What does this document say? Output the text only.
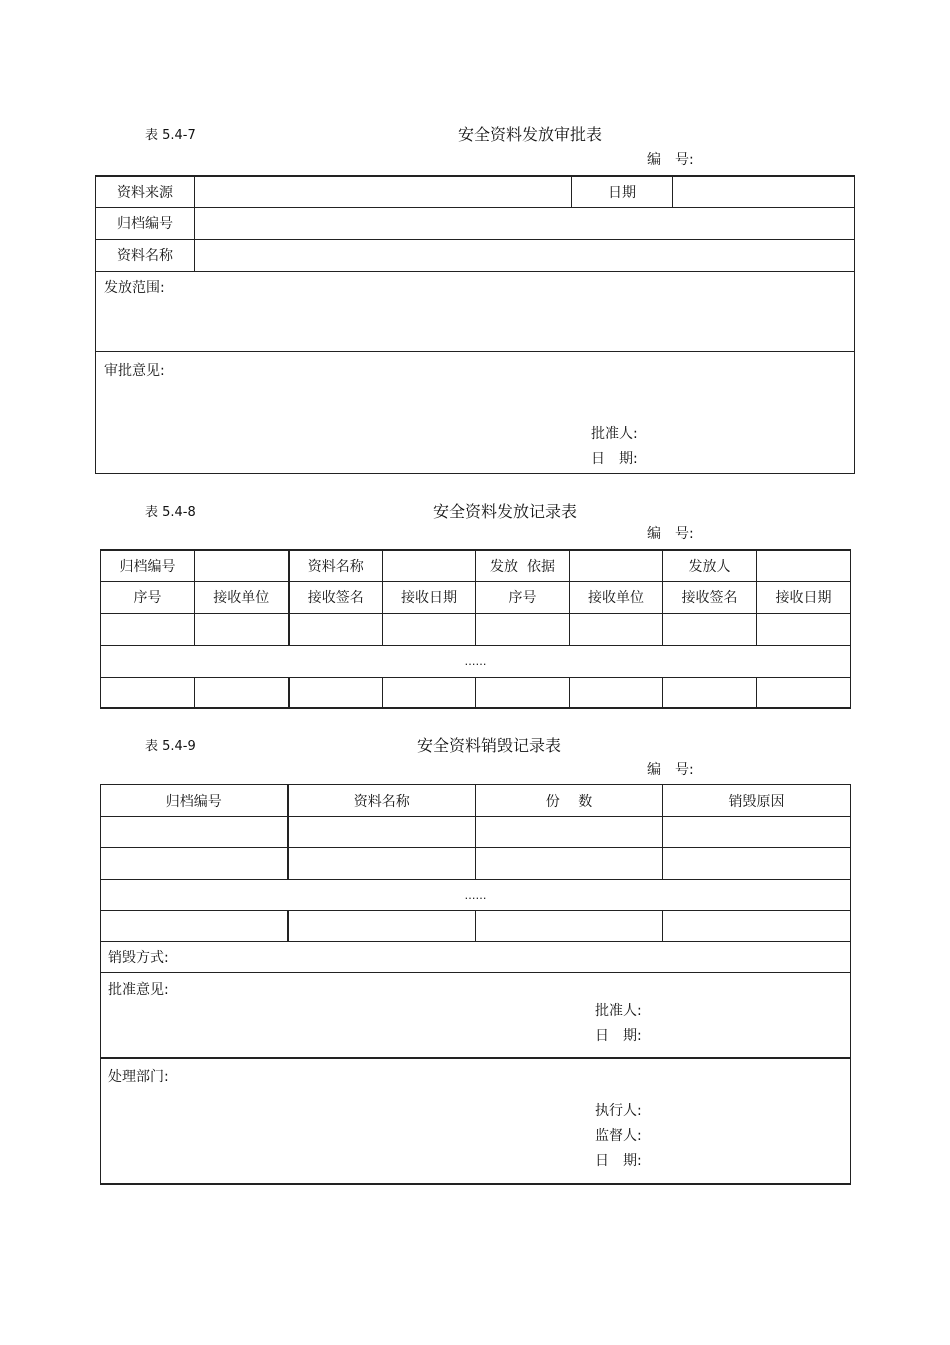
表 5.4-7	安全资料发放审批表
编　号:
资料来源		日期	
归档编号			
资料名称			
发放范围:			
审批意见:
批准人:
日　期:			
表 5.4-8	安全资料发放记录表
编　号:
归档编号		资料名称		发放  依据		发放人	
序号	接收单位	接收签名	接收日期	序号	接收单位	接收签名	接收日期

……							

表 5.4-9	安全资料销毁记录表
编　号:
归档编号	资料名称	份　 数	销毁原因

……			

销毁方式:			
批准意见:
批准人:
日　期:			

处理部门:
执行人:
监督人:
日　期:			
